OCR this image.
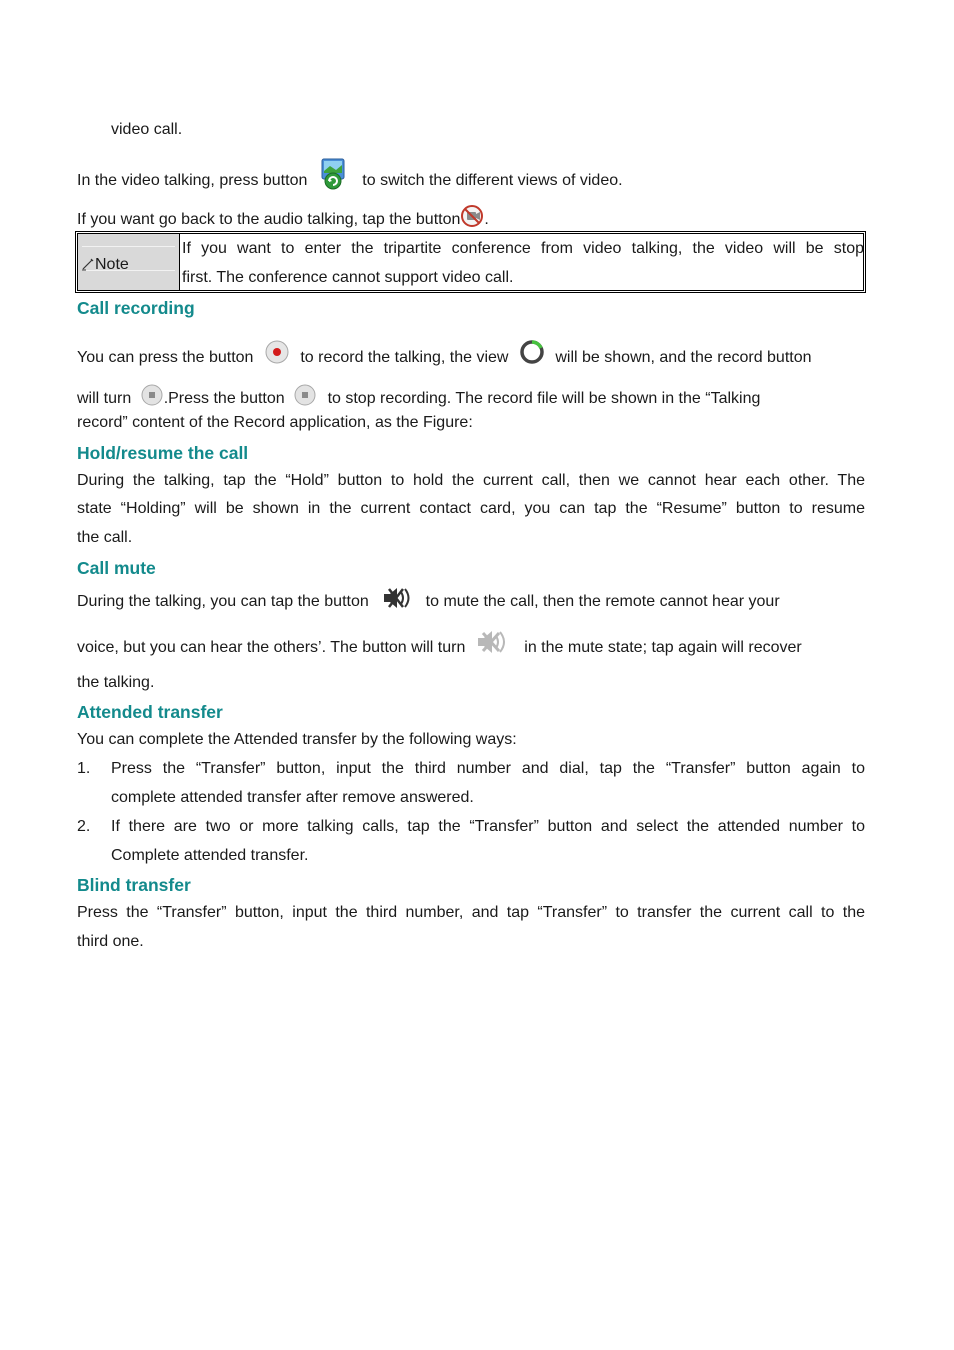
video call.
In the video talking, press button	to switch the different views of video.
If you want go back to the audio talking, tap the button .
Note
If you want to enter the tripartite conference from video talking, the video will be stop
first. The conference cannot support video call.
Call recording
You can press the button	to record the talking, the view	will be shown, and the record button
will turn .Press the button	to stop recording. The record file will be shown in the “Talking
record” content of the Record application, as the Figure:
Hold/resume the call
During the talking, tap the “Hold” button to hold the current call, then we cannot hear each other. The
state “Holding” will be shown in the current contact card, you can tap the “Resume” button to resume
the call.
Call mute
During the talking, you can tap the button	to mute the call, then the remote cannot hear your
voice, but you can hear the others’. The button will turn	in the mute state; tap again will recover
the talking.
Attended transfer
You can complete the Attended transfer by the following ways:
1. Press the “Transfer” button, input the third number and dial, tap the “Transfer” button again to
complete attended transfer after remove answered.
2. If there are two or more talking calls, tap the “Transfer” button and select the attended number to
Complete attended transfer.
Blind transfer
Press the “Transfer” button, input the third number, and tap “Transfer” to transfer the current call to the
third one.
